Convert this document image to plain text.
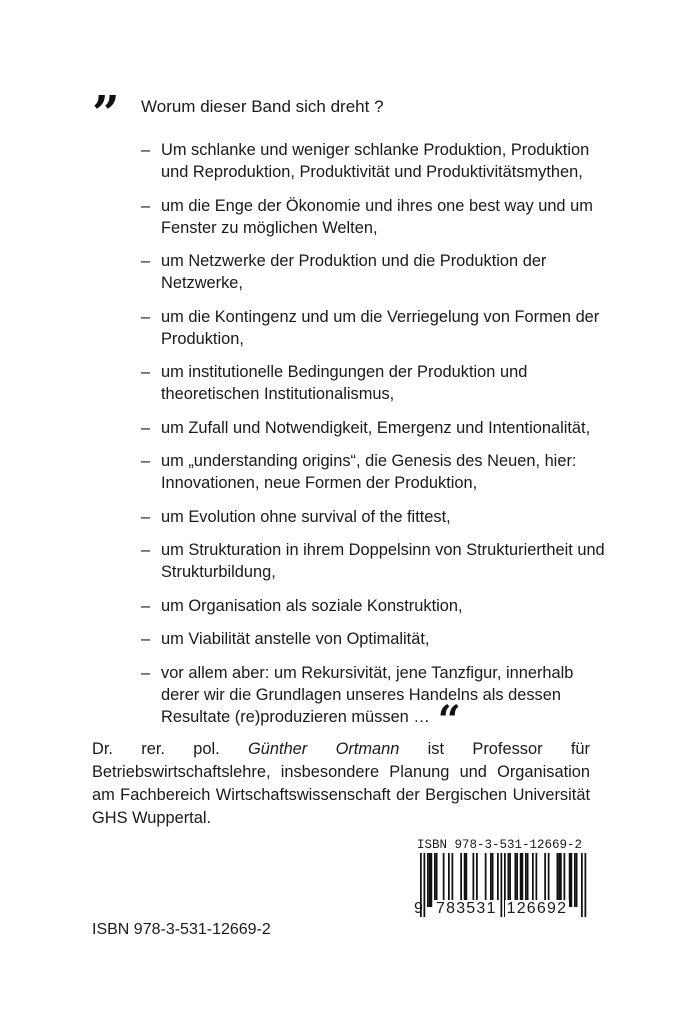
” Worum dieser Band sich dreht ?
– Um schlanke und weniger schlanke Produktion, Produktion und Reproduktion, Produktivität und Produktivitätsmythen,
– um die Enge der Ökonomie und ihres one best way und um Fenster zu möglichen Welten,
– um Netzwerke der Produktion und die Produktion der Netzwerke,
– um die Kontingenz und um die Verriegelung von Formen der Produktion,
– um institutionelle Bedingungen der Produktion und theoretischen Institutionalismus,
– um Zufall und Notwendigkeit, Emergenz und Intentionalität,
– um „understanding origins“, die Genesis des Neuen, hier: Innovationen, neue Formen der Produktion,
– um Evolution ohne survival of the fittest,
– um Strukturation in ihrem Doppelsinn von Strukturiertheit und Strukturbildung,
– um Organisation als soziale Konstruktion,
– um Viabilität anstelle von Optimalität,
– vor allem aber: um Rekursivität, jene Tanzfigur, innerhalb derer wir die Grundlagen unseres Handelns als dessen Resultate (re)produzieren müssen … “
Dr. rer. pol. Günther Ortmann ist Professor für Betriebswirtschaftslehre, insbesondere Planung und Organisation am Fachbereich Wirtschaftswissenschaft der Bergischen Universität GHS Wuppertal.
ISBN 978-3-531-12669-2
9 783531 126692
ISBN 978-3-531-12669-2
